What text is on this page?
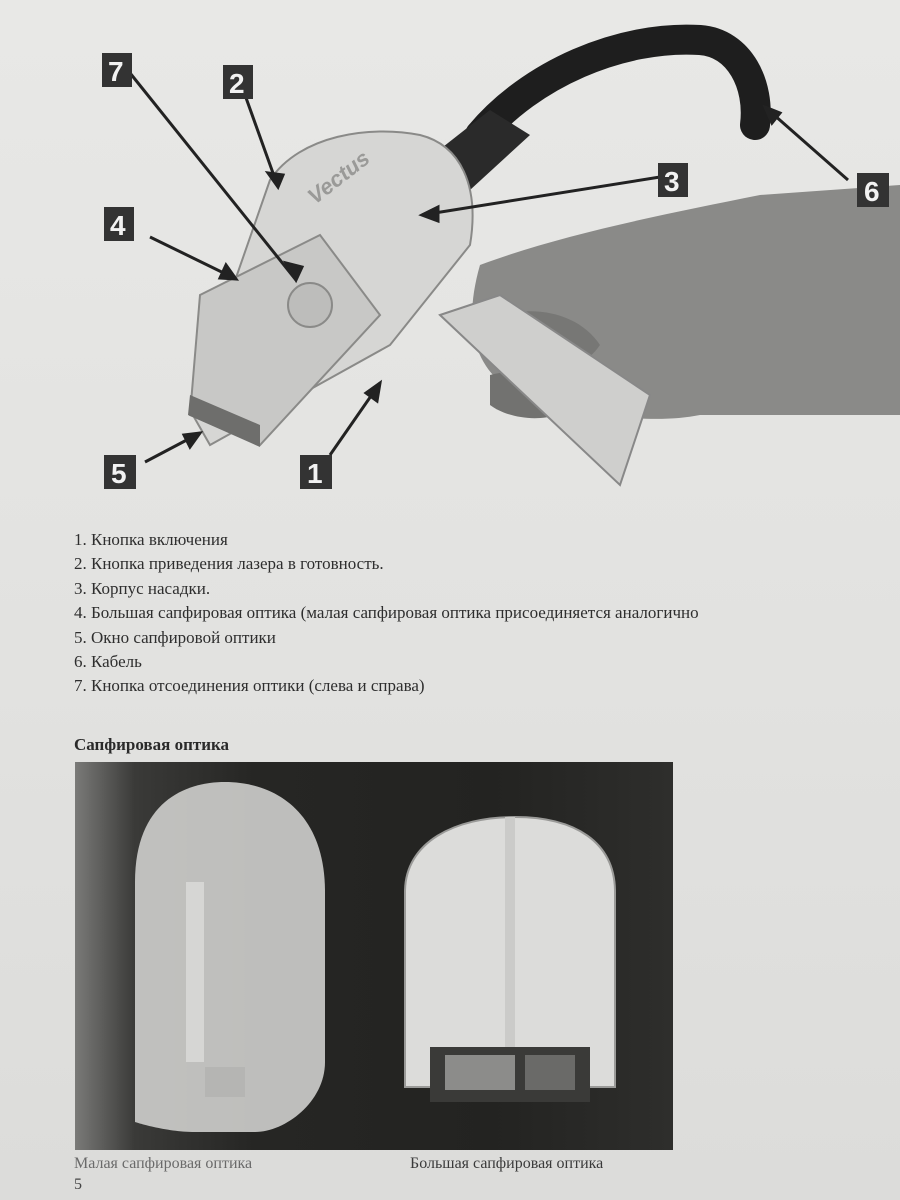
Vectus
7	2
4
3	6
5	1
1. Кнопка включения
2. Кнопка приведения лазера в готовность.
3. Корпус насадки.
4. Большая сапфировая оптика (малая сапфировая оптика присоединяется аналогично
5. Окно сапфировой оптики
6. Кабель
7. Кнопка отсоединения оптики (слева и справа)
Сапфировая оптика
Малая сапфировая оптика	Большая сапфировая оптика
5
